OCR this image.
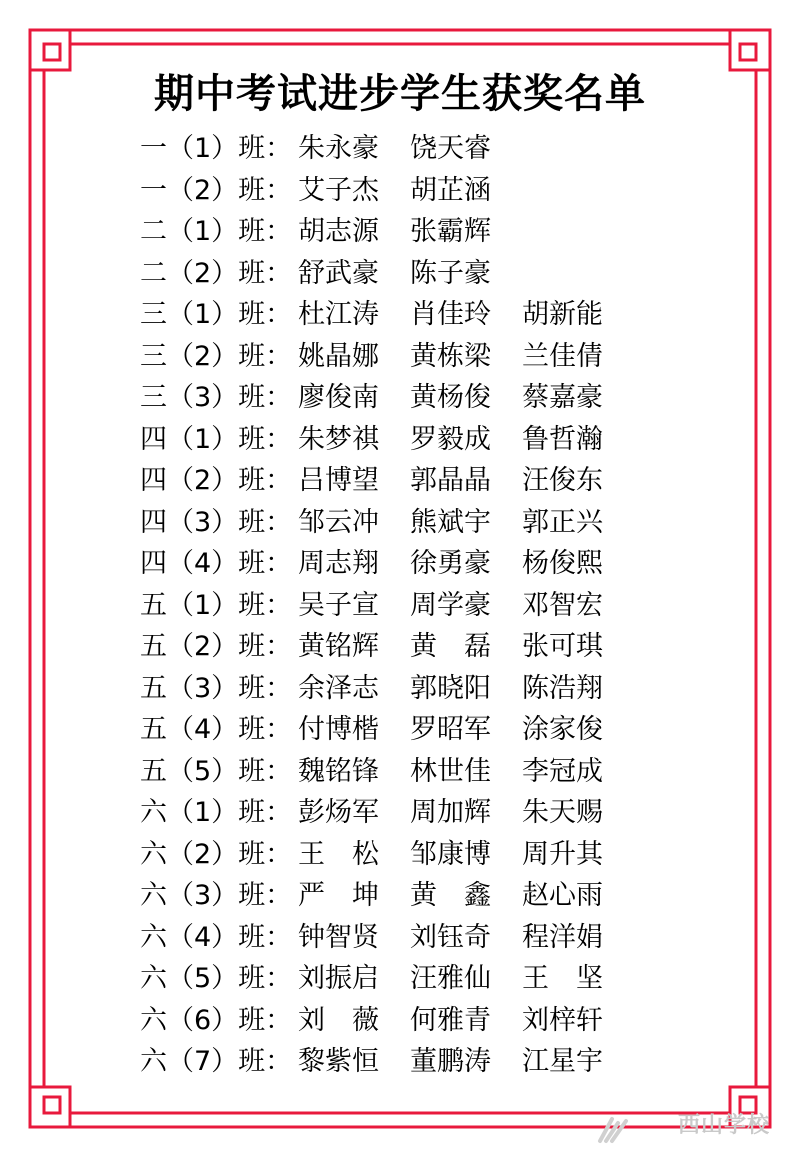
期中考试进步学生获奖名单
一（1）班： 朱永豪 饶天睿
一（2）班： 艾子杰 胡芷涵
二（1）班： 胡志源 张霸辉
二（2）班： 舒武豪 陈子豪
三（1）班： 杜江涛 肖佳玲 胡新能
三（2）班： 姚晶娜 黄栋梁 兰佳倩
三（3）班： 廖俊南 黄杨俊 蔡嘉豪
四（1）班： 朱梦祺 罗毅成 鲁哲瀚
四（2）班： 吕博望 郭晶晶 汪俊东
四（3）班： 邹云冲 熊斌宇 郭正兴
四（4）班： 周志翔 徐勇豪 杨俊熙
五（1）班： 吴子宣 周学豪 邓智宏
五（2）班： 黄铭辉 黄　磊 张可琪
五（3）班： 余泽志 郭晓阳 陈浩翔
五（4）班： 付博楷 罗昭军 涂家俊
五（5）班： 魏铭锋 林世佳 李冠成
六（1）班： 彭炀军 周加辉 朱天赐
六（2）班： 王　松 邹康博 周升其
六（3）班： 严　坤 黄　鑫 赵心雨
六（4）班： 钟智贤 刘钰奇 程洋娟
六（5）班： 刘振启 汪雅仙 王　坚
六（6）班： 刘　薇 何雅青 刘梓轩
六（7）班： 黎紫恒 董鹏涛 江星宇
西山学校
